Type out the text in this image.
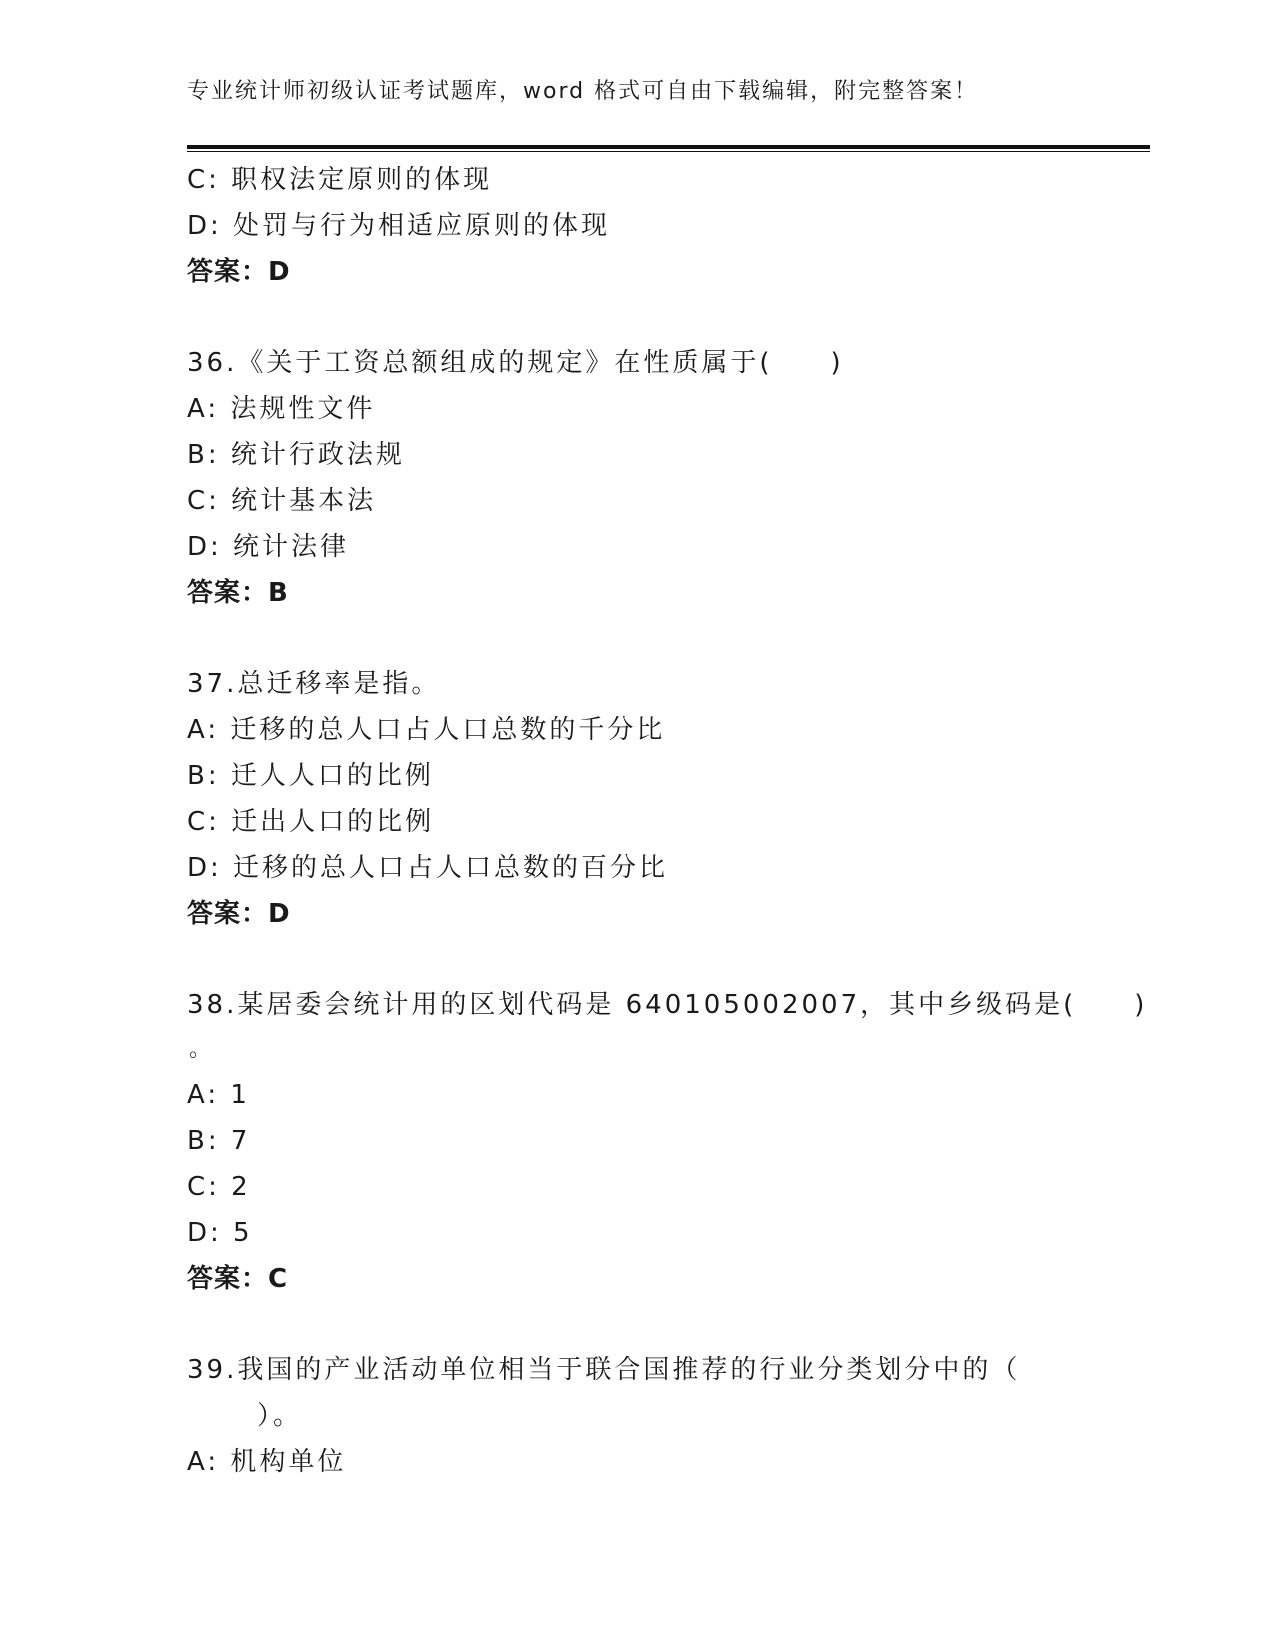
专业统计师初级认证考试题库，word 格式可自由下载编辑，附完整答案！
C: 职权法定原则的体现
D: 处罚与行为相适应原则的体现
答案：D
36.《关于工资总额组成的规定》在性质属于(　　)
A: 法规性文件
B: 统计行政法规
C: 统计基本法
D: 统计法律
答案：B
37.总迁移率是指。
A: 迁移的总人口占人口总数的千分比
B: 迁人人口的比例
C: 迁出人口的比例
D: 迁移的总人口占人口总数的百分比
答案：D
38.某居委会统计用的区划代码是 640105002007，其中乡级码是(　　)
。
A: 1
B: 7
C: 2
D: 5
答案：C
39.我国的产业活动单位相当于联合国推荐的行业分类划分中的（
）。
A: 机构单位
